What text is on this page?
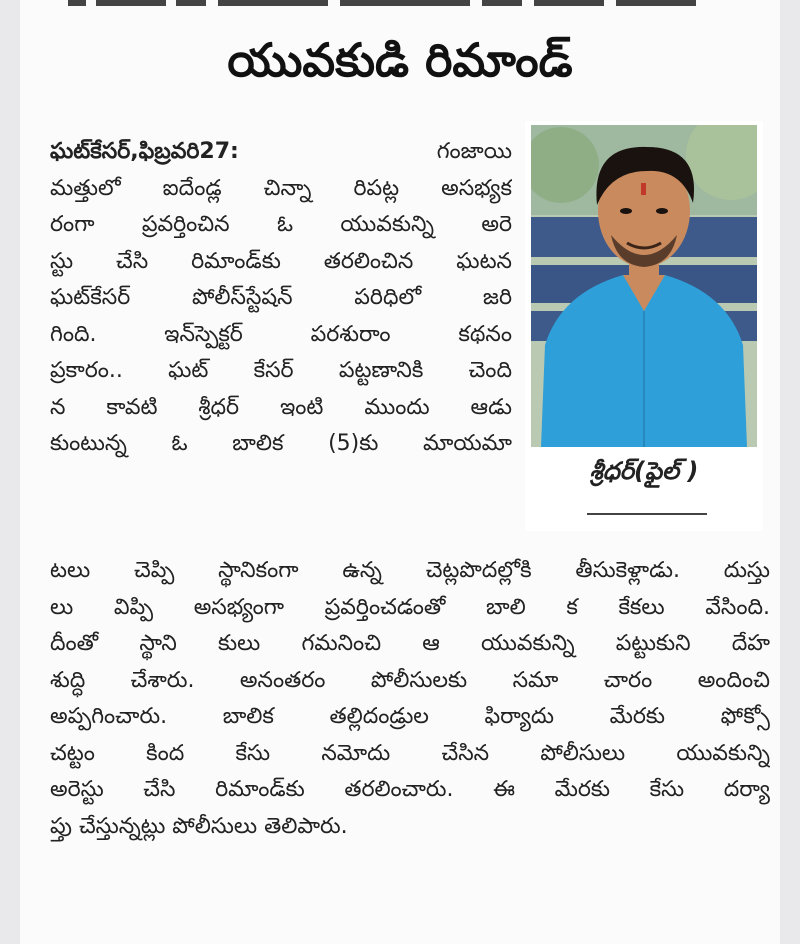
యువకుడి రిమాండ్
ఘట్‌కేసర్,ఫిబ్రవరి27:	గంజాయి
మత్తులో ఐదేండ్ల చిన్నా రిపట్ల అసభ్యక
రంగా ప్రవర్తించిన ఓ యువకున్ని అరె
స్టు చేసి రిమాండ్‌కు తరలించిన ఘటన
ఘట్‌కేసర్ పోలీస్‌స్టేషన్ పరిధిలో జరి
గింది. ఇన్‌స్పెక్టర్ పరశురాం కథనం
ప్రకారం.. ఘట్ కేసర్ పట్టణానికి చెంది
న కావటి శ్రీధర్ ఇంటి ముందు ఆడు
కుంటున్న ఓ బాలిక (5)కు మాయమా
టలు చెప్పి స్థానికంగా ఉన్న చెట్లపొదల్లోకి తీసుకెళ్లాడు. దుస్తు
లు విప్పి అసభ్యంగా ప్రవర్తించడంతో బాలి క కేకలు వేసింది.
దీంతో స్థాని కులు గమనించి ఆ యువకున్ని పట్టుకుని దేహ
శుద్ధి చేశారు. అనంతరం పోలీసులకు సమా చారం అందించి
అప్పగించారు. బాలిక తల్లిదండ్రుల ఫిర్యాదు మేరకు ఫోక్సో
చట్టం కింద కేసు నమోదు చేసిన పోలీసులు యువకున్ని
అరెస్టు చేసి రిమాండ్‌కు తరలించారు. ఈ మేరకు కేసు దర్యా
ప్తు చేస్తున్నట్లు పోలీసులు తెలిపారు.
శ్రీధర్(ఫైల్ )
